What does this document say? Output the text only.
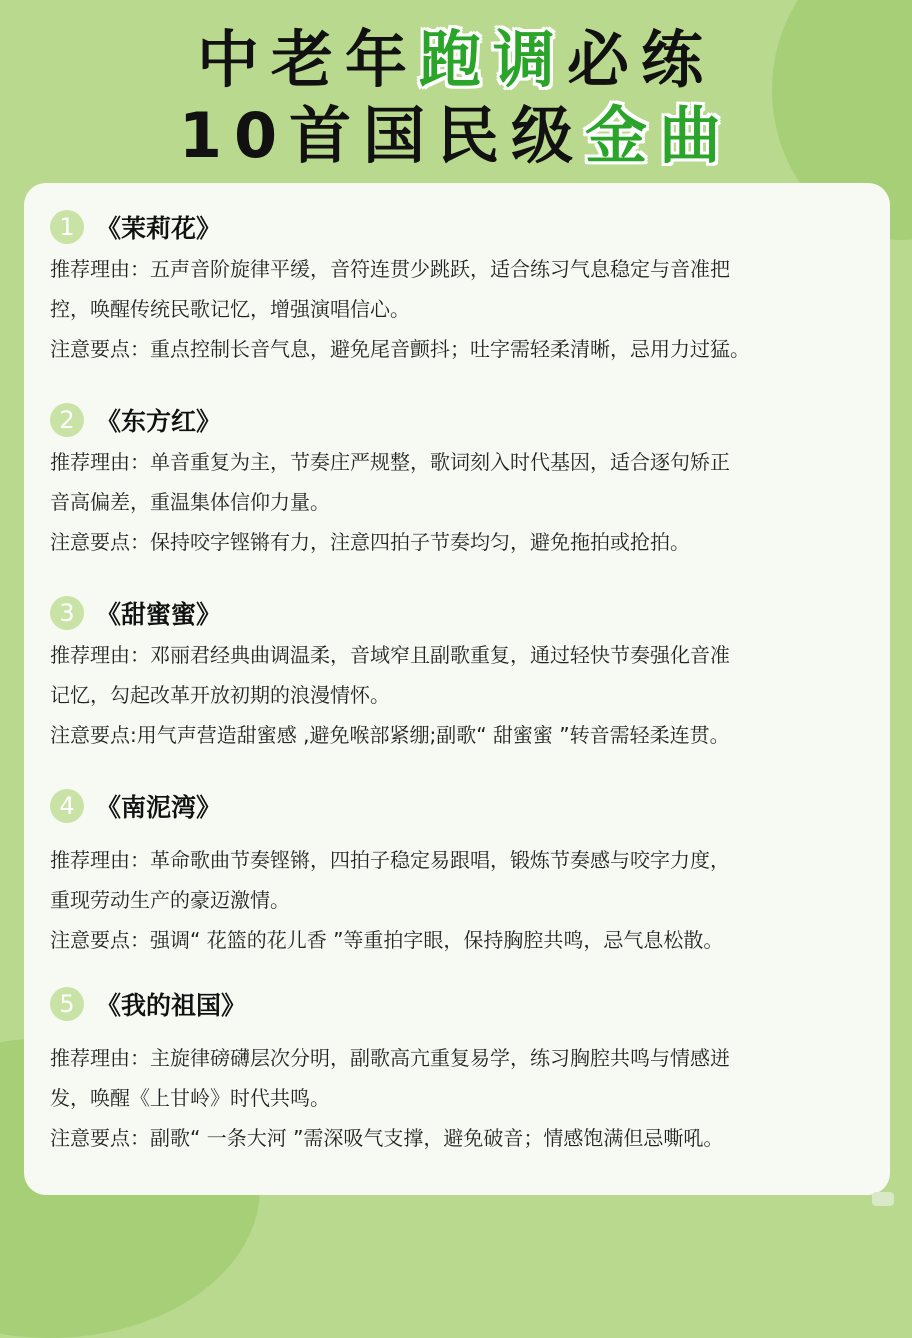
中老年跑调必练
10首国民级金曲
1 《茉莉花》
推荐理由：五声音阶旋律平缓，音符连贯少跳跃，适合练习气息稳定与音准把
控，唤醒传统民歌记忆，增强演唱信心。
注意要点：重点控制长音气息，避免尾音颤抖；吐字需轻柔清晰，忌用力过猛。
2 《东方红》
推荐理由：单音重复为主，节奏庄严规整，歌词刻入时代基因，适合逐句矫正
音高偏差，重温集体信仰力量。
注意要点：保持咬字铿锵有力，注意四拍子节奏均匀，避免拖拍或抢拍。
3 《甜蜜蜜》
推荐理由：邓丽君经典曲调温柔，音域窄且副歌重复，通过轻快节奏强化音准
记忆，勾起改革开放初期的浪漫情怀。
注意要点:用气声营造甜蜜感 ,避免喉部紧绷;副歌“ 甜蜜蜜 ”转音需轻柔连贯。
4 《南泥湾》
推荐理由：革命歌曲节奏铿锵，四拍子稳定易跟唱，锻炼节奏感与咬字力度，
重现劳动生产的豪迈激情。
注意要点：强调“ 花篮的花儿香 ”等重拍字眼，保持胸腔共鸣，忌气息松散。
5 《我的祖国》
推荐理由：主旋律磅礴层次分明，副歌高亢重复易学，练习胸腔共鸣与情感迸
发，唤醒《上甘岭》时代共鸣。
注意要点：副歌“ 一条大河 ”需深吸气支撑，避免破音；情感饱满但忌嘶吼。
